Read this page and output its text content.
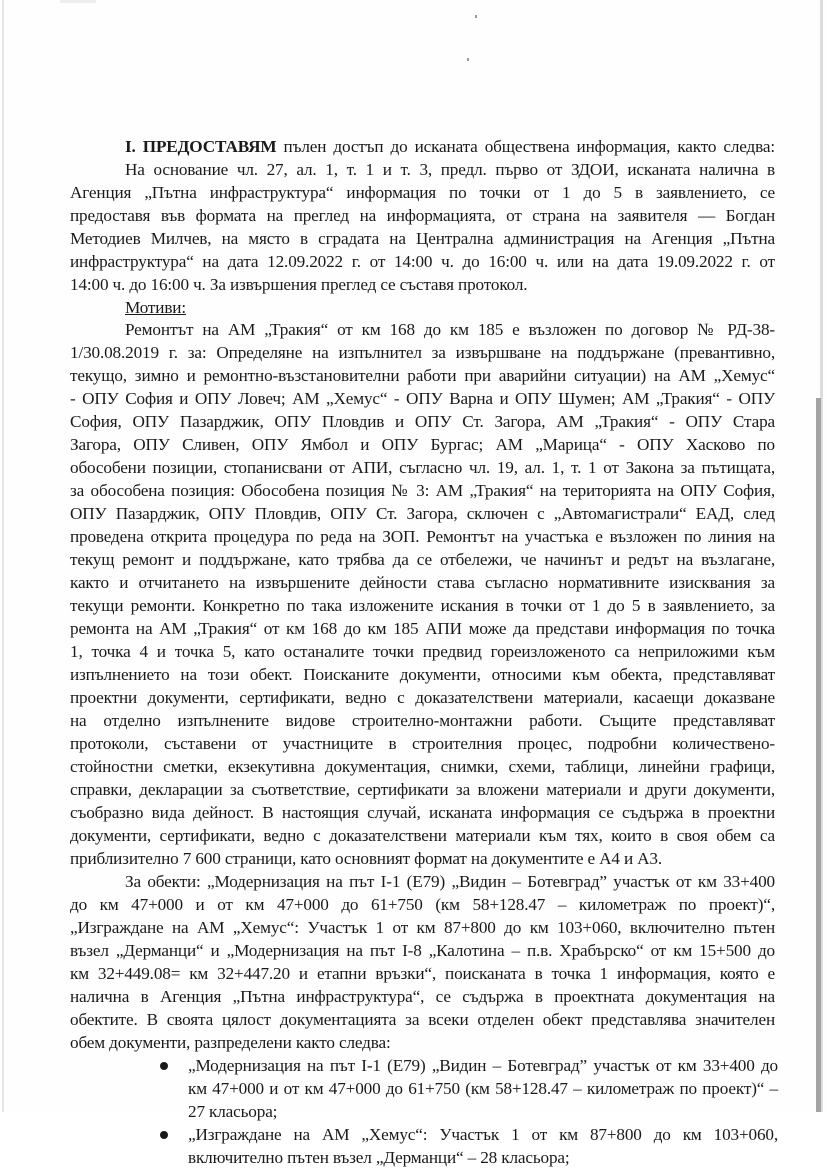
I. ПРЕДОСТАВЯМ пълен достъп до исканата обществена информация, както следва:
На основание чл. 27, ал. 1, т. 1 и т. 3, предл. първо от ЗДОИ, исканата налична в
Агенция „Пътна инфраструктура“ информация по точки от 1 до 5 в заявлението, се
предоставя във формата на преглед на информацията, от страна на заявителя — Богдан
Методиев Милчев, на място в сградата на Централна администрация на Агенция „Пътна
инфраструктура“ на дата 12.09.2022 г. от 14:00 ч. до 16:00 ч. или на дата 19.09.2022 г. от
14:00 ч. до 16:00 ч. За извършения преглед се съставя протокол.
Мотиви:
Ремонтът на АМ „Тракия“ от км 168 до км 185 е възложен по договор № РД-38-
1/30.08.2019 г. за: Определяне на изпълнител за извършване на поддържане (превантивно,
текущо, зимно и ремонтно-възстановителни работи при аварийни ситуации) на АМ „Хемус“
- ОПУ София и ОПУ Ловеч; АМ „Хемус“ - ОПУ Варна и ОПУ Шумен; АМ „Тракия“ - ОПУ
София, ОПУ Пазарджик, ОПУ Пловдив и ОПУ Ст. Загора, АМ „Тракия“ - ОПУ Стара
Загора, ОПУ Сливен, ОПУ Ямбол и ОПУ Бургас; АМ „Марица“ - ОПУ Хасково по
обособени позиции, стопанисвани от АПИ, съгласно чл. 19, ал. 1, т. 1 от Закона за пътищата,
за обособена позиция: Обособена позиция № 3: АМ „Тракия“ на територията на ОПУ София,
ОПУ Пазарджик, ОПУ Пловдив, ОПУ Ст. Загора, сключен с „Автомагистрали“ ЕАД, след
проведена открита процедура по реда на ЗОП. Ремонтът на участъка е възложен по линия на
текущ ремонт и поддържане, като трябва да се отбележи, че начинът и редът на възлагане,
както и отчитането на извършените дейности става съгласно нормативните изисквания за
текущи ремонти. Конкретно по така изложените искания в точки от 1 до 5 в заявлението, за
ремонта на АМ „Тракия“ от км 168 до км 185 АПИ може да представи информация по точка
1, точка 4 и точка 5, като останалите точки предвид гореизложеното са неприложими към
изпълнението на този обект. Поисканите документи, относими към обекта, представляват
проектни документи, сертификати, ведно с доказателствени материали, касаещи доказване
на отделно изпълнените видове строително-монтажни работи. Същите представляват
протоколи, съставени от участниците в строителния процес, подробни количествено-
стойностни сметки, екзекутивна документация, снимки, схеми, таблици, линейни графици,
справки, декларации за съответствие, сертификати за вложени материали и други документи,
съобразно вида дейност. В настоящия случай, исканата информация се съдържа в проектни
документи, сертификати, ведно с доказателствени материали към тях, които в своя обем са
приблизително 7 600 страници, като основният формат на документите е А4 и А3.
За обекти: „Модернизация на път I-1 (Е79) „Видин – Ботевград” участък от км 33+400
до км 47+000 и от км 47+000 до 61+750 (км 58+128.47 – километраж по проект)“,
„Изграждане на АМ „Хемус“: Участък 1 от км 87+800 до км 103+060, включително пътен
възел „Дерманци“ и „Модернизация на път I-8 „Калотина – п.в. Храбърско“ от км 15+500 до
км 32+449.08= км 32+447.20 и етапни връзки“, поисканата в точка 1 информация, която е
налична в Агенция „Пътна инфраструктура“, се съдържа в проектната документация на
обектите. В своята цялост документацията за всеки отделен обект представлява значителен
обем документи, разпределени както следва:
„Модернизация на път I-1 (Е79) „Видин – Ботевград” участък от км 33+400 до
км 47+000 и от км 47+000 до 61+750 (км 58+128.47 – километраж по проект)“ –
27 класьора;
„Изграждане на АМ „Хемус“: Участък 1 от км 87+800 до км 103+060,
включително пътен възел „Дерманци“ – 28 класьора;
